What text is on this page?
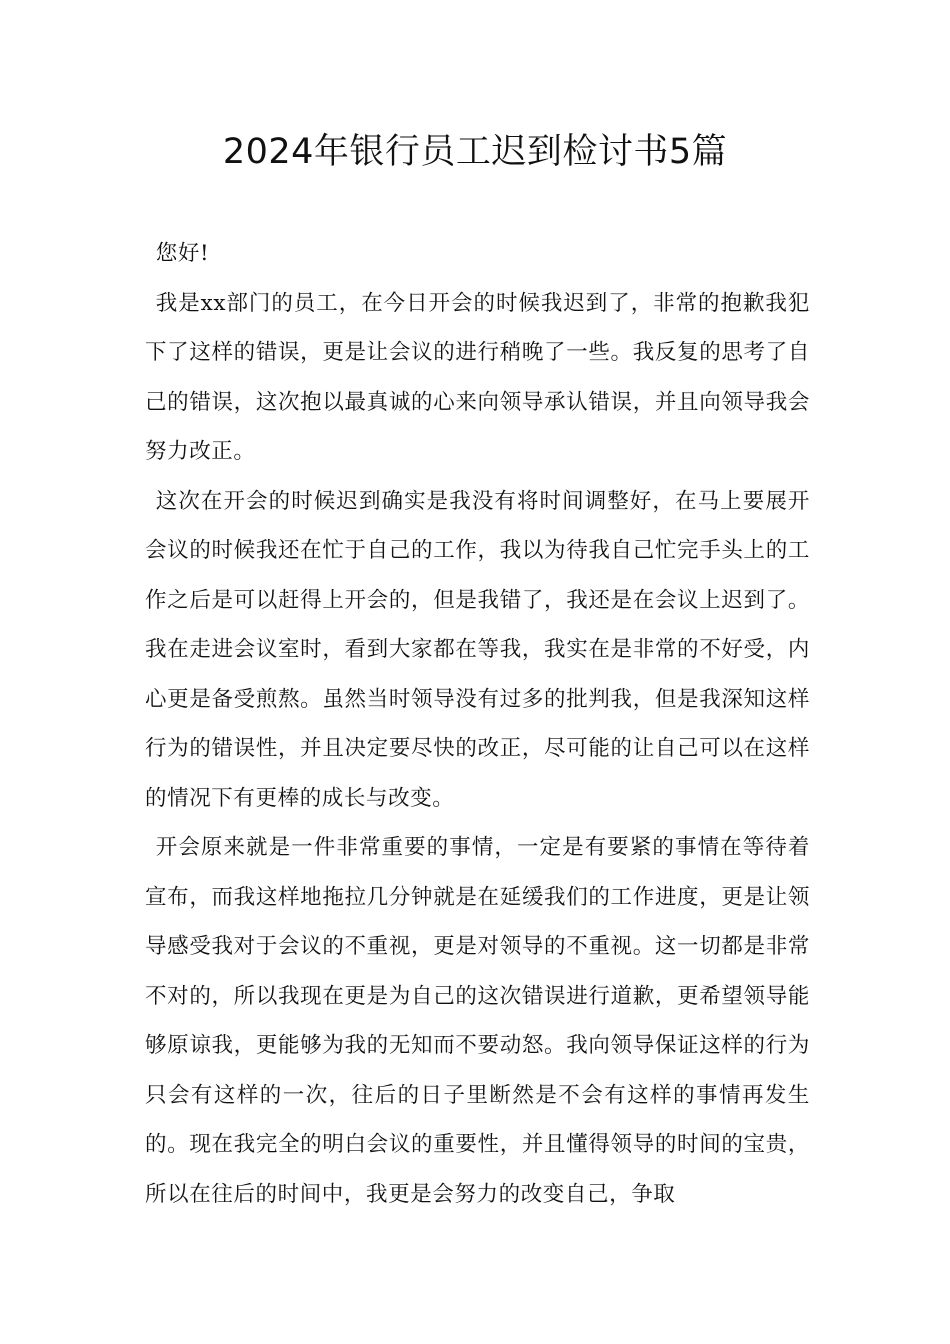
2024年银行员工迟到检讨书5篇

您好!

我是xx部门的员工，在今日开会的时候我迟到了，非常的抱歉我犯下了这样的错误，更是让会议的进行稍晚了一些。我反复的思考了自己的错误，这次抱以最真诚的心来向领导承认错误，并且向领导我会努力改正。

这次在开会的时候迟到确实是我没有将时间调整好，在马上要展开会议的时候我还在忙于自己的工作，我以为待我自己忙完手头上的工作之后是可以赶得上开会的，但是我错了，我还是在会议上迟到了。我在走进会议室时，看到大家都在等我，我实在是非常的不好受，内心更是备受煎熬。虽然当时领导没有过多的批判我，但是我深知这样行为的错误性，并且决定要尽快的改正，尽可能的让自己可以在这样的情况下有更棒的成长与改变。

开会原来就是一件非常重要的事情，一定是有要紧的事情在等待着宣布，而我这样地拖拉几分钟就是在延缓我们的工作进度，更是让领导感受我对于会议的不重视，更是对领导的不重视。这一切都是非常不对的，所以我现在更是为自己的这次错误进行道歉，更希望领导能够原谅我，更能够为我的无知而不要动怒。我向领导保证这样的行为只会有这样的一次，往后的日子里断然是不会有这样的事情再发生的。现在我完全的明白会议的重要性，并且懂得领导的时间的宝贵，所以在往后的时间中，我更是会努力的改变自己，争取
